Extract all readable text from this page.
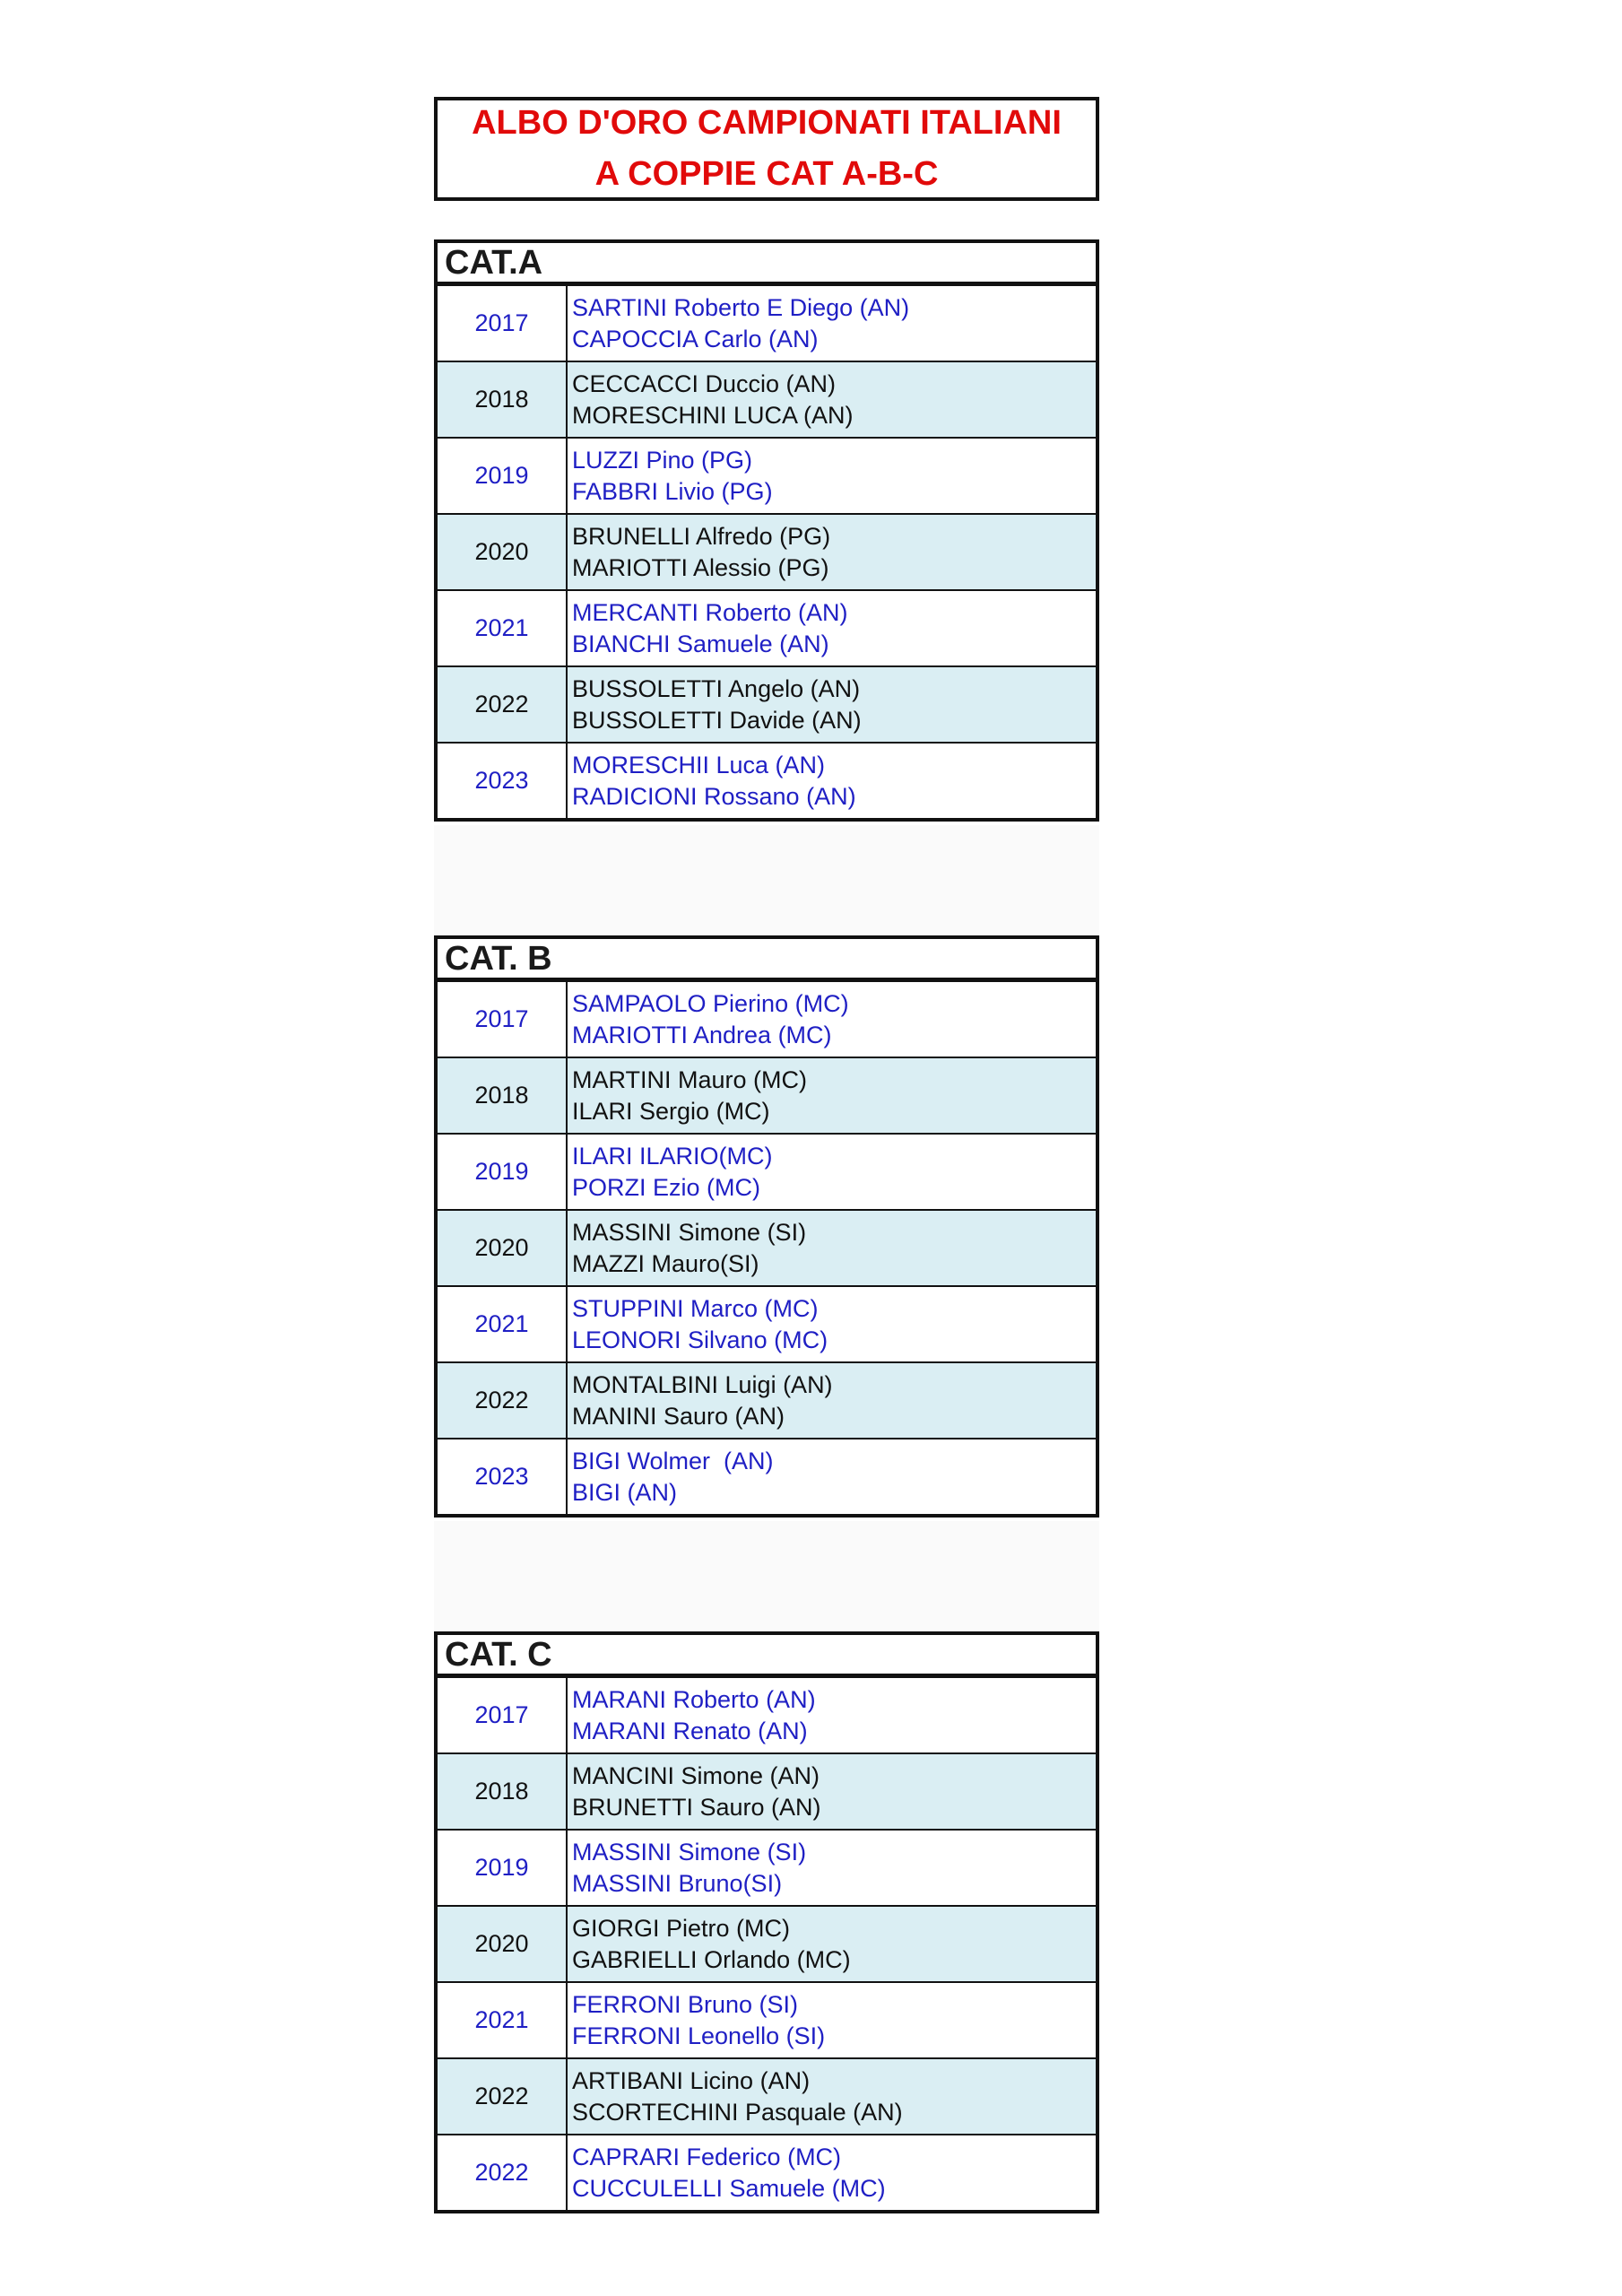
ALBO D'ORO CAMPIONATI ITALIANI
A COPPIE CAT A-B-C
CAT.A
2017
SARTINI Roberto E Diego (AN)
CAPOCCIA Carlo (AN)
2018
CECCACCI Duccio (AN)
MORESCHINI LUCA (AN)
2019
LUZZI Pino (PG)
FABBRI Livio (PG)
2020
BRUNELLI Alfredo (PG)
MARIOTTI Alessio (PG)
2021
MERCANTI Roberto (AN)
BIANCHI Samuele (AN)
2022
BUSSOLETTI Angelo (AN)
BUSSOLETTI Davide (AN)
2023
MORESCHII Luca (AN)
RADICIONI Rossano (AN)
CAT. B
2017
SAMPAOLO Pierino (MC)
MARIOTTI Andrea (MC)
2018
MARTINI Mauro (MC)
ILARI Sergio (MC)
2019
ILARI ILARIO(MC)
PORZI Ezio (MC)
2020
MASSINI Simone (SI)
MAZZI Mauro(SI)
2021
STUPPINI Marco (MC)
LEONORI Silvano (MC)
2022
MONTALBINI Luigi (AN)
MANINI Sauro (AN)
2023
BIGI Wolmer  (AN)
BIGI (AN)
CAT. C
2017
MARANI Roberto (AN)
MARANI Renato (AN)
2018
MANCINI Simone (AN)
BRUNETTI Sauro (AN)
2019
MASSINI Simone (SI)
MASSINI Bruno(SI)
2020
GIORGI Pietro (MC)
GABRIELLI Orlando (MC)
2021
FERRONI Bruno (SI)
FERRONI Leonello (SI)
2022
ARTIBANI Licino (AN)
SCORTECHINI Pasquale (AN)
2022
CAPRARI Federico (MC)
CUCCULELLI Samuele (MC)
